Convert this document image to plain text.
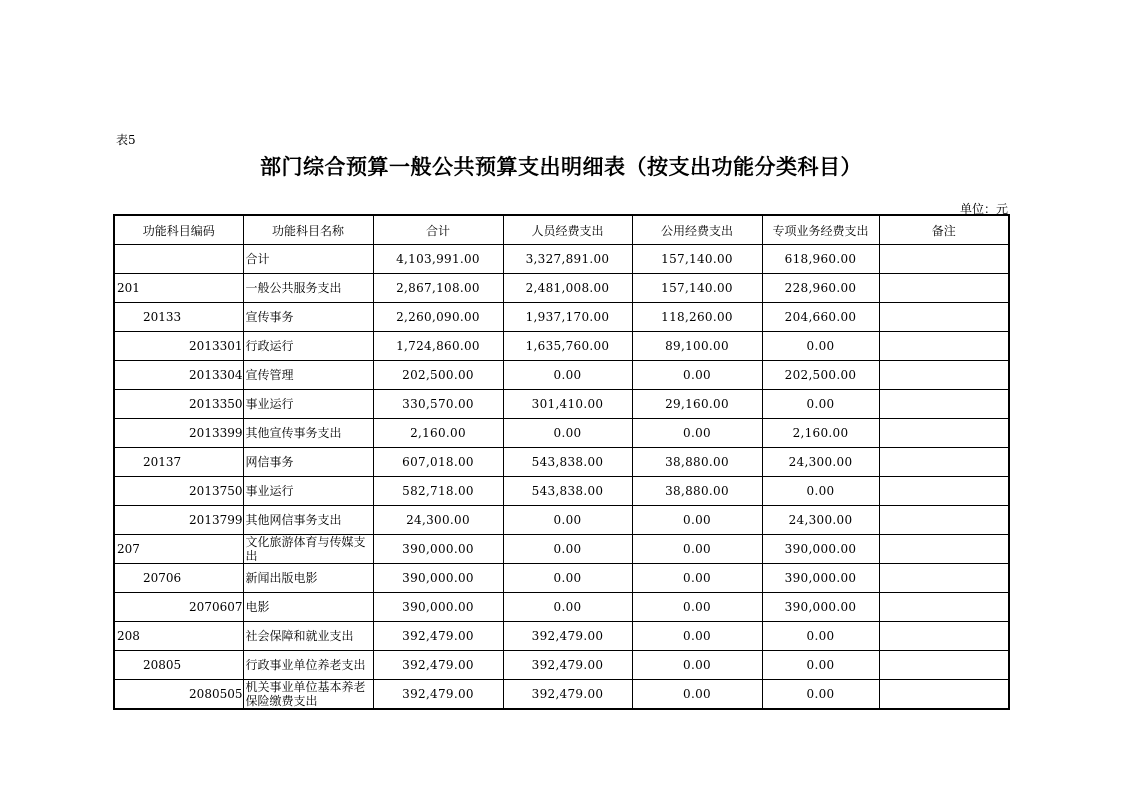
表5
部门综合预算一般公共预算支出明细表（按支出功能分类科目）
单位：元
功能科目编码	功能科目名称	合计	人员经费支出	公用经费支出	专项业务经费支出	备注

	合计	4,103,991.00	3,327,891.00	157,140.00	618,960.00	
201	一般公共服务支出	2,867,108.00	2,481,008.00	157,140.00	228,960.00	
20133	宣传事务	2,260,090.00	1,937,170.00	118,260.00	204,660.00	
2013301	行政运行	1,724,860.00	1,635,760.00	89,100.00	0.00	
2013304	宣传管理	202,500.00	0.00	0.00	202,500.00	
2013350	事业运行	330,570.00	301,410.00	29,160.00	0.00	
2013399	其他宣传事务支出	2,160.00	0.00	0.00	2,160.00	
20137	网信事务	607,018.00	543,838.00	38,880.00	24,300.00	
2013750	事业运行	582,718.00	543,838.00	38,880.00	0.00	
2013799	其他网信事务支出	24,300.00	0.00	0.00	24,300.00	
207	文化旅游体育与传媒支出	390,000.00	0.00	0.00	390,000.00	
20706	新闻出版电影	390,000.00	0.00	0.00	390,000.00	
2070607	电影	390,000.00	0.00	0.00	390,000.00	
208	社会保障和就业支出	392,479.00	392,479.00	0.00	0.00	
20805	行政事业单位养老支出	392,479.00	392,479.00	0.00	0.00	
2080505	机关事业单位基本养老保险缴费支出	392,479.00	392,479.00	0.00	0.00	
